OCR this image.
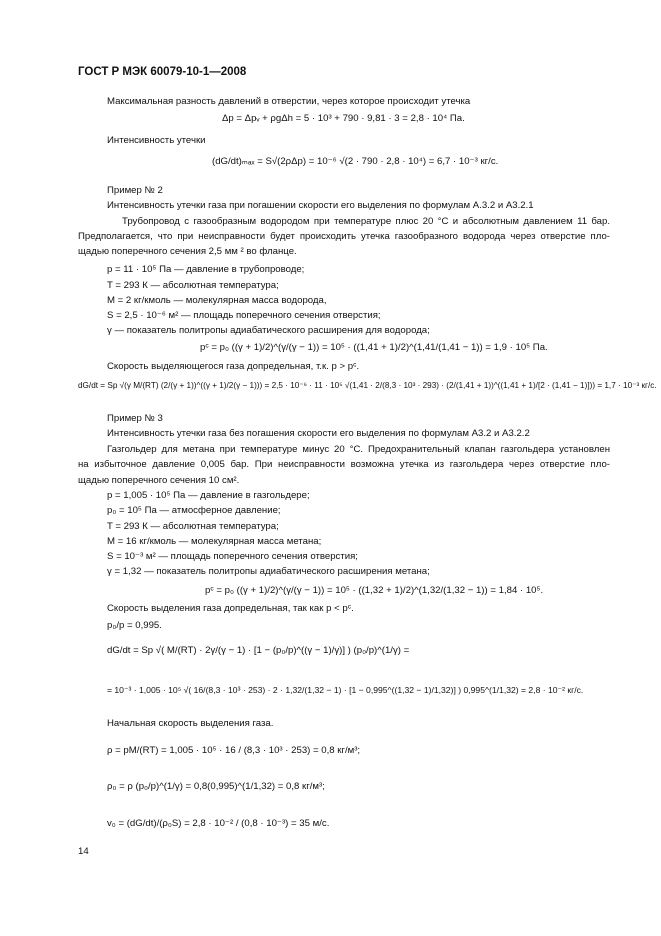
ГОСТ Р МЭК 60079-10-1—2008
Максимальная разность давлений в отверстии, через которое происходит утечка
Δp = Δpᵥ + ρgΔh = 5 · 10³ + 790 · 9,81 · 3 = 2,8 · 10⁴ Па.
Интенсивность утечки
(dG/dt)ₘₐₓ = S√(2ρΔp) = 10⁻⁶ √(2 · 790 · 2,8 · 10⁴) = 6,7 · 10⁻³ кг/с.
Пример № 2
Интенсивность утечки газа при погашении скорости его выделения по формулам А.3.2 и А3.2.1
Трубопровод с газообразным водородом при температуре плюс 20 °С и абсолютным давлением 11 бар.
Предполагается, что при неисправности будет происходить утечка газообразного водорода через отверстие пло-
щадью поперечного сечения 2,5 мм ² во фланце.
p = 11 · 10⁵ Па — давление в трубопроводе;
T = 293 К — абсолютная температура;
M = 2 кг/кмоль — молекулярная масса водорода,
S = 2,5 · 10⁻⁶ м² — площадь поперечного сечения отверстия;
γ — показатель политропы адиабатического расширения для водорода;
pᶜ = p₀ ((γ + 1)/2)^(γ/(γ − 1)) = 10⁵ · ((1,41 + 1)/2)^(1,41/(1,41 − 1)) = 1,9 · 10⁵ Па.
Скорость выделяющегося газа допредельная, т.к. p > pᶜ.
dG/dt = Sp √(γ M/(RT) (2/(γ + 1))^((γ + 1)/2(γ − 1))) = 2,5 · 10⁻⁶ · 11 · 10⁵ √(1,41 · 2/(8,3 · 10³ · 293) · (2/(1,41 + 1))^((1,41 + 1)/[2 · (1,41 − 1)])) = 1,7 · 10⁻³ кг/с.
Пример № 3
Интенсивность утечки газа без погашения скорости его выделения по формулам А3.2 и А3.2.2
Газгольдер для метана при температуре минус 20 °С. Предохранительный клапан газгольдера установлен
на избыточное давление 0,005 бар. При неисправности возможна утечка из газгольдера через отверстие пло-
щадью поперечного сечения 10 см².
p = 1,005 · 10⁵ Па — давление в газгольдере;
p₀ = 10⁵ Па — атмосферное давление;
T = 293 К — абсолютная температура;
M = 16 кг/кмоль — молекулярная масса метана;
S = 10⁻³ м² — площадь поперечного сечения отверстия;
γ = 1,32 — показатель политропы адиабатического расширения метана;
pᶜ = p₀ ((γ + 1)/2)^(γ/(γ − 1)) = 10⁵ · ((1,32 + 1)/2)^(1,32/(1,32 − 1)) = 1,84 · 10⁵.
Скорость выделения газа допредельная, так как p < pᶜ.
p₀/p = 0,995.
dG/dt = Sp √( M/(RT) · 2γ/(γ − 1) · [1 − (p₀/p)^((γ − 1)/γ)] ) (p₀/p)^(1/γ) =
= 10⁻³ · 1,005 · 10⁵ √( 16/(8,3 · 10³ · 253) · 2 · 1,32/(1,32 − 1) · [1 − 0,995^((1,32 − 1)/1,32)] ) 0,995^(1/1,32) = 2,8 · 10⁻² кг/с.
Начальная скорость выделения газа.
ρ = pM/(RT) = 1,005 · 10⁵ · 16 / (8,3 · 10³ · 253) = 0,8 кг/м³;
ρ₀ = ρ (p₀/p)^(1/γ) = 0,8(0,995)^(1/1,32) = 0,8 кг/м³;
v₀ = (dG/dt)/(ρ₀S) = 2,8 · 10⁻² / (0,8 · 10⁻³) = 35 м/с.
14
